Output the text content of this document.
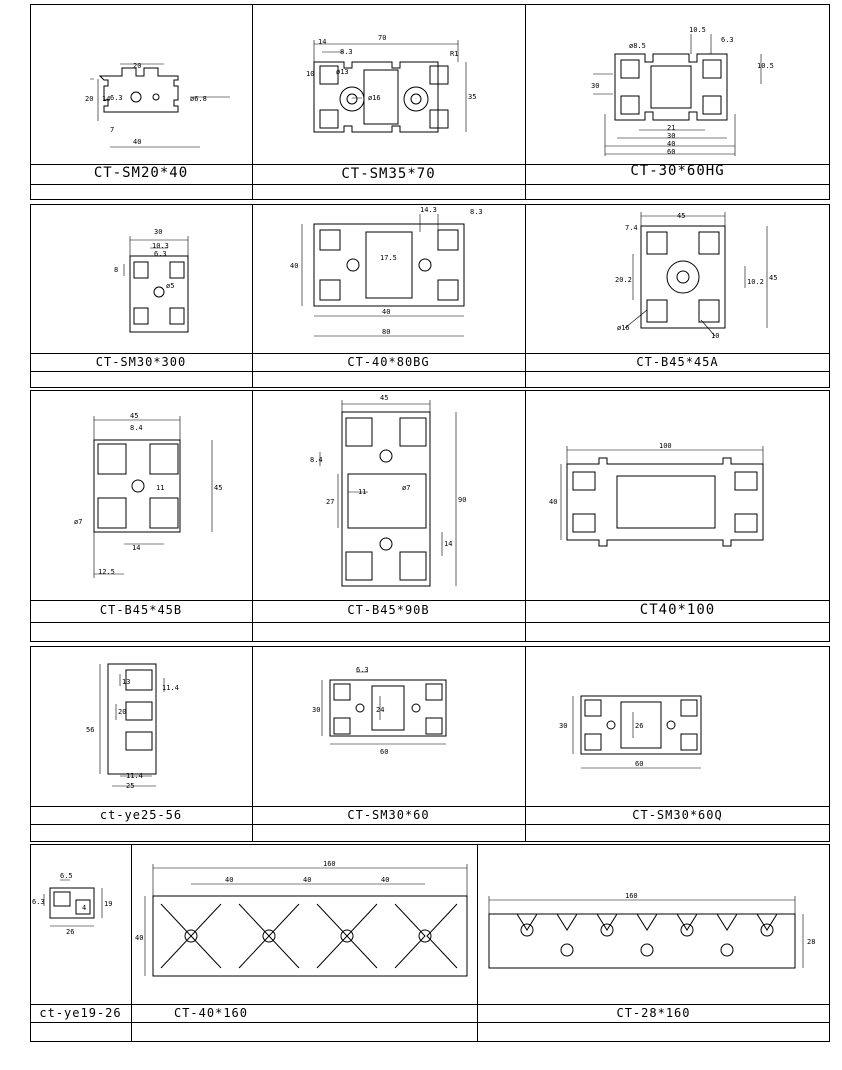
20
14 6.3
20
7
40
ø6.8
CT-SM20*40
70
14
8.3
ø13
ø16	35
R1
10
CT-SM35*70
10.5
6.3
ø8.5
10.5
30
21
30
40
60
CT-30*60HG
30
10.3
6.3
8
ø5
CT-SM30*300
14.3	8.3
40
17.5
40
80
CT-40*80BG
45
7.4
20.2	10.2 45
ø16
10
CT-B45*45A
45
8.4
11	45
ø7
14
12.5
CT-B45*45B
45
8.4
11
27
ø7
90
14
CT-B45*90B
100
40
CT40*100
13
11.4
20
56
11.4
25
ct-ye25-56
6.3
30	24
60
CT-SM30*60
30	26
60
CT-SM30*60Q
6.5
6.3
4	19
26
ct-ye19-26
160
40
40	40	40
CT-40*160
160
28
CT-28*160
